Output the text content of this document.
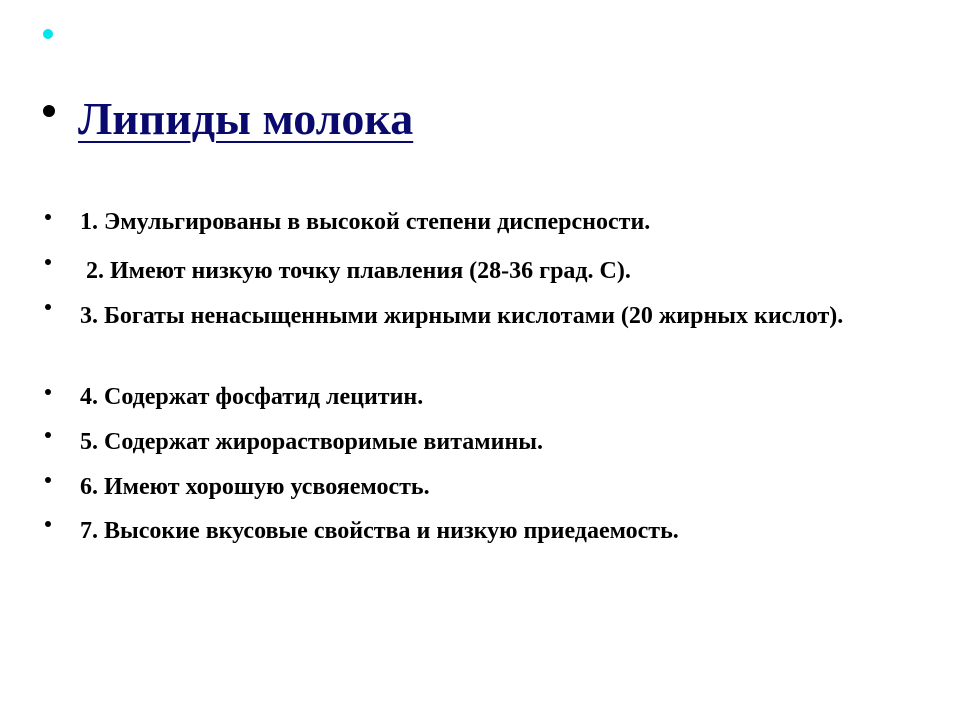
Липиды молока
1. Эмульгированы в высокой степени дисперсности.
2. Имеют низкую точку плавления (28-36 град. С).
3. Богаты ненасыщенными жирными кислотами (20 жирных кислот).
4. Содержат фосфатид лецитин.
5. Содержат жирорастворимые витамины.
6. Имеют хорошую усвояемость.
7. Высокие вкусовые свойства и низкую приедаемость.
